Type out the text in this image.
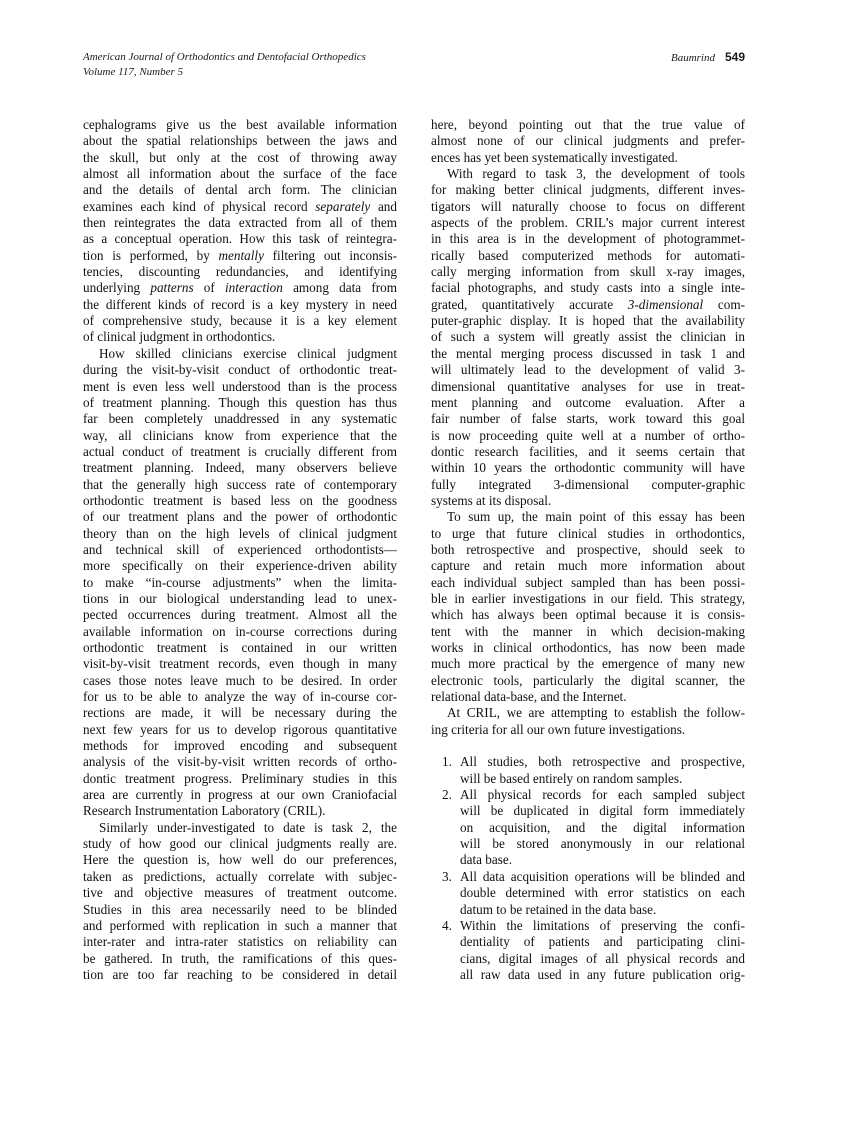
American Journal of Orthodontics and Dentofacial Orthopedics
Volume 117, Number 5
Baumrind 549
cephalograms give us the best available information
about the spatial relationships between the jaws and
the skull, but only at the cost of throwing away
almost all information about the surface of the face
and the details of dental arch form. The clinician
examines each kind of physical record separately and
then reintegrates the data extracted from all of them
as a conceptual operation. How this task of reintegra-
tion is performed, by mentally filtering out inconsis-
tencies, discounting redundancies, and identifying
underlying patterns of interaction among data from
the different kinds of record is a key mystery in need
of comprehensive study, because it is a key element
of clinical judgment in orthodontics.
How skilled clinicians exercise clinical judgment
during the visit-by-visit conduct of orthodontic treat-
ment is even less well understood than is the process
of treatment planning. Though this question has thus
far been completely unaddressed in any systematic
way, all clinicians know from experience that the
actual conduct of treatment is crucially different from
treatment planning. Indeed, many observers believe
that the generally high success rate of contemporary
orthodontic treatment is based less on the goodness
of our treatment plans and the power of orthodontic
theory than on the high levels of clinical judgment
and technical skill of experienced orthodontists—
more specifically on their experience-driven ability
to make “in-course adjustments” when the limita-
tions in our biological understanding lead to unex-
pected occurrences during treatment. Almost all the
available information on in-course corrections during
orthodontic treatment is contained in our written
visit-by-visit treatment records, even though in many
cases those notes leave much to be desired. In order
for us to be able to analyze the way of in-course cor-
rections are made, it will be necessary during the
next few years for us to develop rigorous quantitative
methods for improved encoding and subsequent
analysis of the visit-by-visit written records of ortho-
dontic treatment progress. Preliminary studies in this
area are currently in progress at our own Craniofacial
Research Instrumentation Laboratory (CRIL).
Similarly under-investigated to date is task 2, the
study of how good our clinical judgments really are.
Here the question is, how well do our preferences,
taken as predictions, actually correlate with subjec-
tive and objective measures of treatment outcome.
Studies in this area necessarily need to be blinded
and performed with replication in such a manner that
inter-rater and intra-rater statistics on reliability can
be gathered. In truth, the ramifications of this ques-
tion are too far reaching to be considered in detail
here, beyond pointing out that the true value of
almost none of our clinical judgments and prefer-
ences has yet been systematically investigated.
With regard to task 3, the development of tools
for making better clinical judgments, different inves-
tigators will naturally choose to focus on different
aspects of the problem. CRIL’s major current interest
in this area is in the development of photogrammet-
rically based computerized methods for automati-
cally merging information from skull x-ray images,
facial photographs, and study casts into a single inte-
grated, quantitatively accurate 3-dimensional com-
puter-graphic display. It is hoped that the availability
of such a system will greatly assist the clinician in
the mental merging process discussed in task 1 and
will ultimately lead to the development of valid 3-
dimensional quantitative analyses for use in treat-
ment planning and outcome evaluation. After a
fair number of false starts, work toward this goal
is now proceeding quite well at a number of ortho-
dontic research facilities, and it seems certain that
within 10 years the orthodontic community will have
fully integrated 3-dimensional computer-graphic
systems at its disposal.
To sum up, the main point of this essay has been
to urge that future clinical studies in orthodontics,
both retrospective and prospective, should seek to
capture and retain much more information about
each individual subject sampled than has been possi-
ble in earlier investigations in our field. This strategy,
which has always been optimal because it is consis-
tent with the manner in which decision-making
works in clinical orthodontics, has now been made
much more practical by the emergence of many new
electronic tools, particularly the digital scanner, the
relational data-base, and the Internet.
At CRIL, we are attempting to establish the follow-
ing criteria for all our own future investigations.
1. All studies, both retrospective and prospective,
will be based entirely on random samples.
2. All physical records for each sampled subject
will be duplicated in digital form immediately
on acquisition, and the digital information
will be stored anonymously in our relational
data base.
3. All data acquisition operations will be blinded and
double determined with error statistics on each
datum to be retained in the data base.
4. Within the limitations of preserving the confi-
dentiality of patients and participating clini-
cians, digital images of all physical records and
all raw data used in any future publication orig-
